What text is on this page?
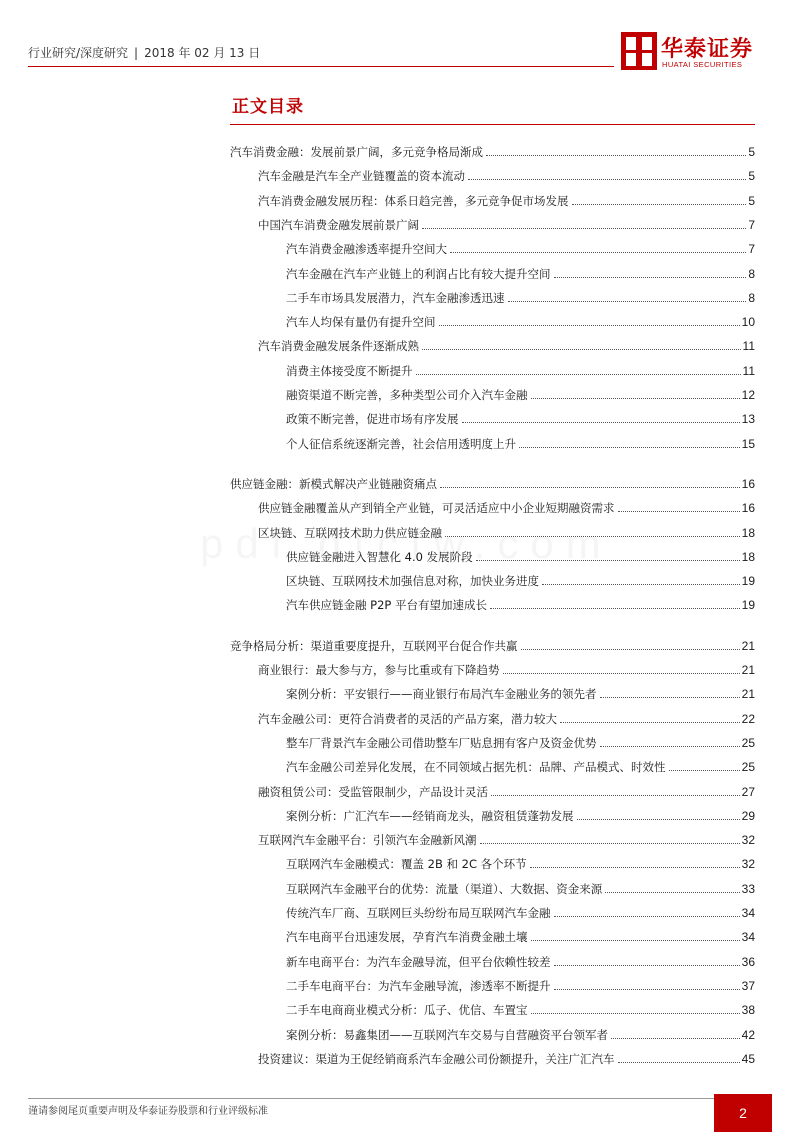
行业研究/深度研究 | 2018 年 02 月 13 日	华泰证券
HUATAI SECURITIES
正文目录
汽车消费金融：发展前景广阔，多元竞争格局渐成	5
汽车金融是汽车全产业链覆盖的资本流动	5
汽车消费金融发展历程：体系日趋完善，多元竞争促市场发展	5
中国汽车消费金融发展前景广阔	7
汽车消费金融渗透率提升空间大	7
汽车金融在汽车产业链上的利润占比有较大提升空间	8
二手车市场具发展潜力，汽车金融渗透迅速	8
汽车人均保有量仍有提升空间	10
汽车消费金融发展条件逐渐成熟	11
消费主体接受度不断提升	11
融资渠道不断完善，多种类型公司介入汽车金融	12
政策不断完善，促进市场有序发展	13
个人征信系统逐渐完善，社会信用透明度上升	15
供应链金融：新模式解决产业链融资痛点	16
供应链金融覆盖从产到销全产业链，可灵活适应中小企业短期融资需求	16
区块链、互联网技术助力供应链金融	18
供应链金融进入智慧化 4.0 发展阶段	18
区块链、互联网技术加强信息对称，加快业务进度	19
汽车供应链金融 P2P 平台有望加速成长	19
竞争格局分析：渠道重要度提升，互联网平台促合作共赢	21
商业银行：最大参与方，参与比重或有下降趋势	21
案例分析：平安银行——商业银行布局汽车金融业务的领先者	21
汽车金融公司：更符合消费者的灵活的产品方案，潜力较大	22
整车厂背景汽车金融公司借助整车厂贴息拥有客户及资金优势	25
汽车金融公司差异化发展，在不同领域占据先机：品牌、产品模式、时效性	25
融资租赁公司：受监管限制少，产品设计灵活	27
案例分析：广汇汽车——经销商龙头，融资租赁蓬勃发展	29
互联网汽车金融平台：引领汽车金融新风潮	32
互联网汽车金融模式：覆盖 2B 和 2C 各个环节	32
互联网汽车金融平台的优势：流量（渠道）、大数据、资金来源	33
传统汽车厂商、互联网巨头纷纷布局互联网汽车金融	34
汽车电商平台迅速发展，孕育汽车消费金融土壤	34
新车电商平台：为汽车金融导流，但平台依赖性较差	36
二手车电商平台：为汽车金融导流，渗透率不断提升	37
二手车电商商业模式分析：瓜子、优信、车置宝	38
案例分析：易鑫集团——互联网汽车交易与自营融资平台领军者	42
投资建议：渠道为王促经销商系汽车金融公司份额提升，关注广汇汽车	45
谨请参阅尾页重要声明及华泰证券股票和行业评级标准	2
